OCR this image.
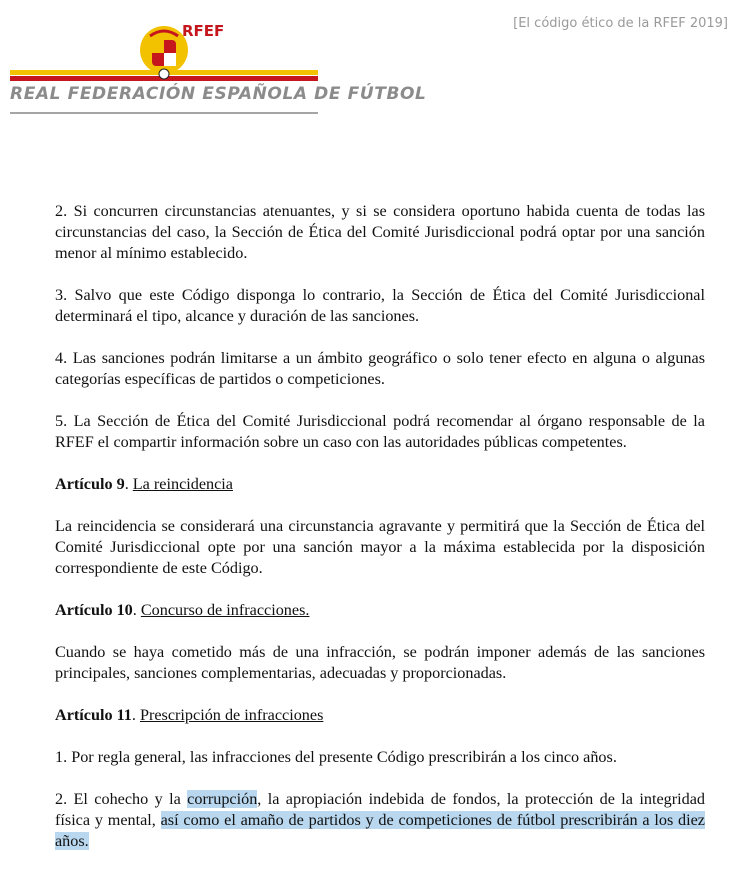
[El código ético de la RFEF 2019]
RFEF
REAL FEDERACIÓN ESPAÑOLA DE FÚTBOL

2. Si concurren circunstancias atenuantes, y si se considera oportuno habida cuenta de todas las circunstancias del caso, la Sección de Ética del Comité Jurisdiccional podrá optar por una sanción menor al mínimo establecido.

3. Salvo que este Código disponga lo contrario, la Sección de Ética del Comité Jurisdiccional determinará el tipo, alcance y duración de las sanciones.

4. Las sanciones podrán limitarse a un ámbito geográfico o solo tener efecto en alguna o algunas categorías específicas de partidos o competiciones.

5. La Sección de Ética del Comité Jurisdiccional podrá recomendar al órgano responsable de la RFEF el compartir información sobre un caso con las autoridades públicas competentes.

Artículo 9. La reincidencia

La reincidencia se considerará una circunstancia agravante y permitirá que la Sección de Ética del Comité Jurisdiccional opte por una sanción mayor a la máxima establecida por la disposición correspondiente de este Código.

Artículo 10. Concurso de infracciones.

Cuando se haya cometido más de una infracción, se podrán imponer además de las sanciones principales, sanciones complementarias, adecuadas y proporcionadas.

Artículo 11. Prescripción de infracciones

1. Por regla general, las infracciones del presente Código prescribirán a los cinco años.

2. El cohecho y la corrupción, la apropiación indebida de fondos, la protección de la integridad física y mental, así como el amaño de partidos y de competiciones de fútbol prescribirán a los diez años.
